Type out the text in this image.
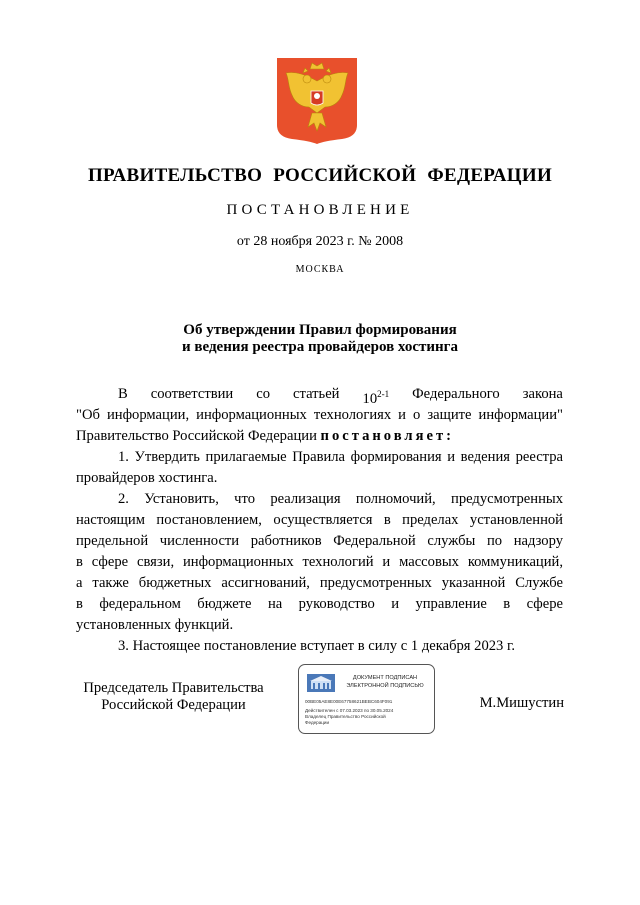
ПРАВИТЕЛЬСТВО РОССИЙСКОЙ ФЕДЕРАЦИИ
ПОСТАНОВЛЕНИЕ
от 28 ноября 2023 г. № 2008
МОСКВА
Об утверждении Правил формирования
и ведения реестра провайдеров хостинга
В соответствии со статьей 10$^{2-1}$ Федерального закона
"Об информации, информационных технологиях и о защите информации"
Правительство Российской Федерации постановляет:
1. Утвердить прилагаемые Правила формирования и ведения реестра
провайдеров хостинга.
2. Установить, что реализация полномочий, предусмотренных
настоящим постановлением, осуществляется в пределах установленной
предельной численности работников Федеральной службы по надзору
в сфере связи, информационных технологий и массовых коммуникаций,
а также бюджетных ассигнований, предусмотренных указанной Службе
в федеральном бюджете на руководство и управление в сфере
установленных функций.
3. Настоящее постановление вступает в силу с 1 декабря 2023 г.
Председатель Правительства
Российской Федерации
ДОКУМЕНТ ПОДПИСАН
ЭЛЕКТРОННОЙ ПОДПИСЬЮ
00BE05AE8E00E67758621BEBC604F091
Действителен с 07.03.2023 по 30.05.2024
Владелец Правительство Российской
Федерации
М.Мишустин
